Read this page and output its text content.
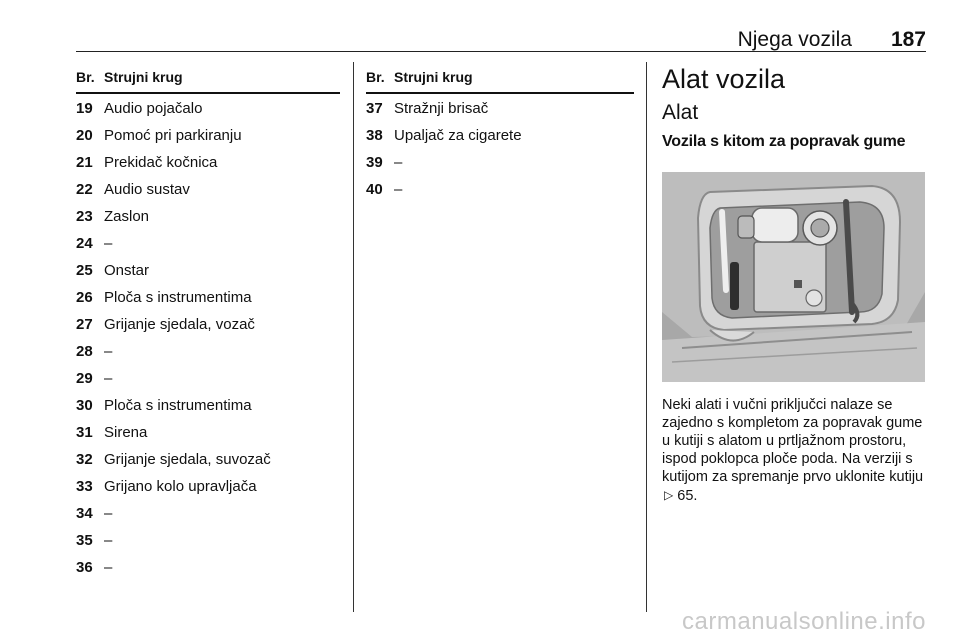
Njega vozila 187
Br. Strujni krug
19 Audio pojačalo
20 Pomoć pri parkiranju
21 Prekidač kočnica
22 Audio sustav
23 Zaslon
24 –
25 Onstar
26 Ploča s instrumentima
27 Grijanje sjedala, vozač
28 –
29 –
30 Ploča s instrumentima
31 Sirena
32 Grijanje sjedala, suvozač
33 Grijano kolo upravljača
34 –
35 –
36 –
Br. Strujni krug
37 Stražnji brisač
38 Upaljač za cigarete
39 –
40 –
Alat vozila
Alat
Vozila s kitom za popravak gume
Neki alati i vučni priključci nalaze se zajedno s kompletom za popravak gume u kutiji s alatom u prtljažnom prostoru, ispod poklopca ploče poda. Na verziji s kutijom za spremanje prvo uklonite kutiju ▷ 65.
carmanualsonline.info
